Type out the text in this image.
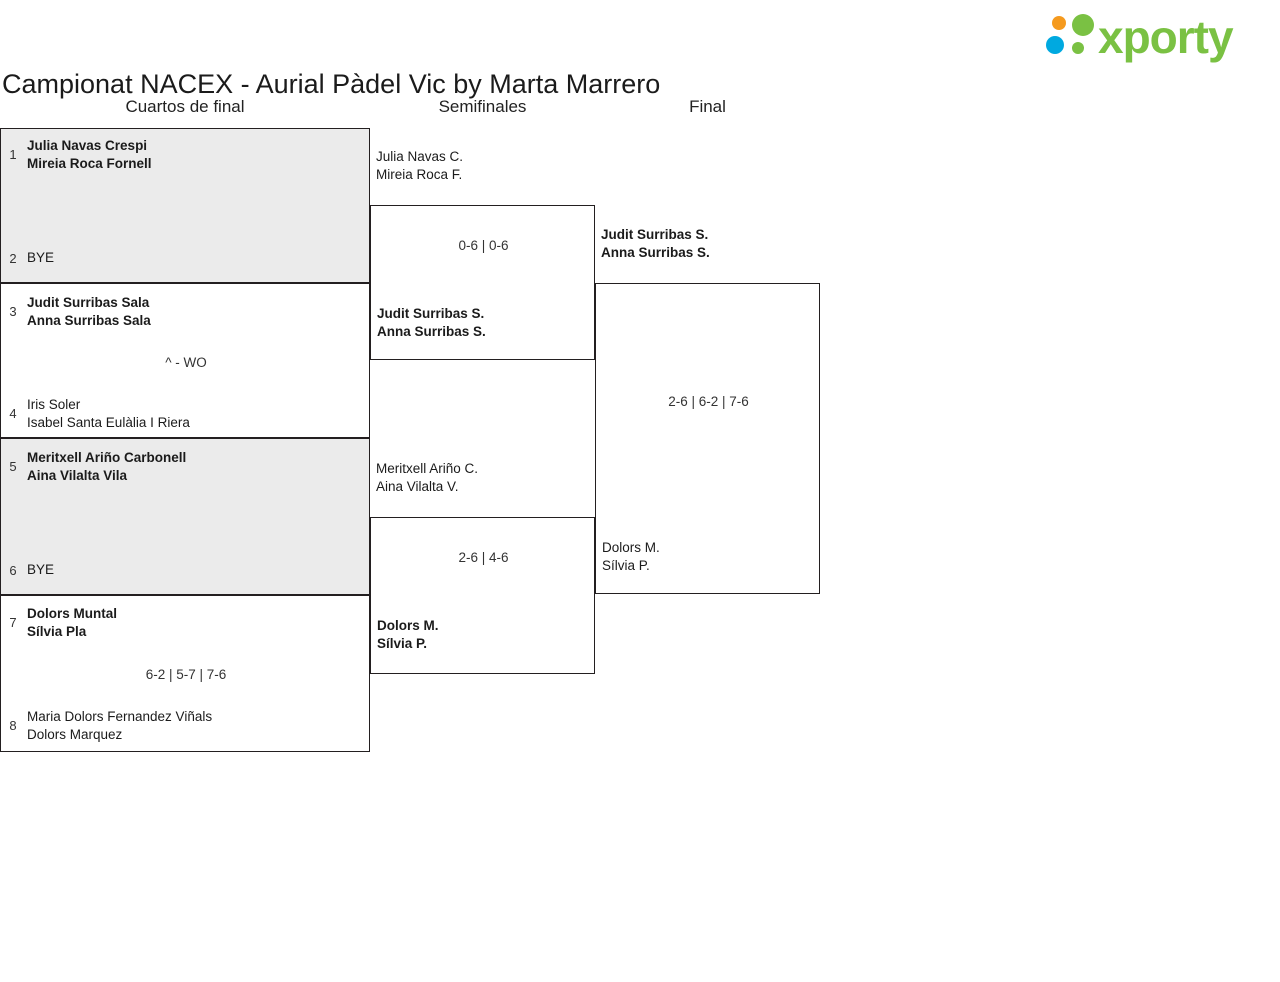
Campionat NACEX - Aurial Pàdel Vic by Marta Marrero

xporty
Cuartos de final	Semifinales	Final
1
Julia Navas Crespi
Mireia Roca Fornell
2 BYE
3
Judit Surribas Sala
Anna Surribas Sala
^ - WO
4
Iris Soler
Isabel Santa Eulàlia I Riera
5
Meritxell Ariño Carbonell
Aina Vilalta Vila
6 BYE
7
Dolors Muntal
Sílvia Pla
6-2 | 5-7 | 7-6
8
Maria Dolors Fernandez Viñals
Dolors Marquez
Julia Navas C.
Mireia Roca F.
0-6 | 0-6
Judit Surribas S.
Anna Surribas S.
Meritxell Ariño C.
Aina Vilalta V.
2-6 | 4-6
Dolors M.
Sílvia P.
Judit Surribas S.
Anna Surribas S.
2-6 | 6-2 | 7-6
Dolors M.
Sílvia P.
